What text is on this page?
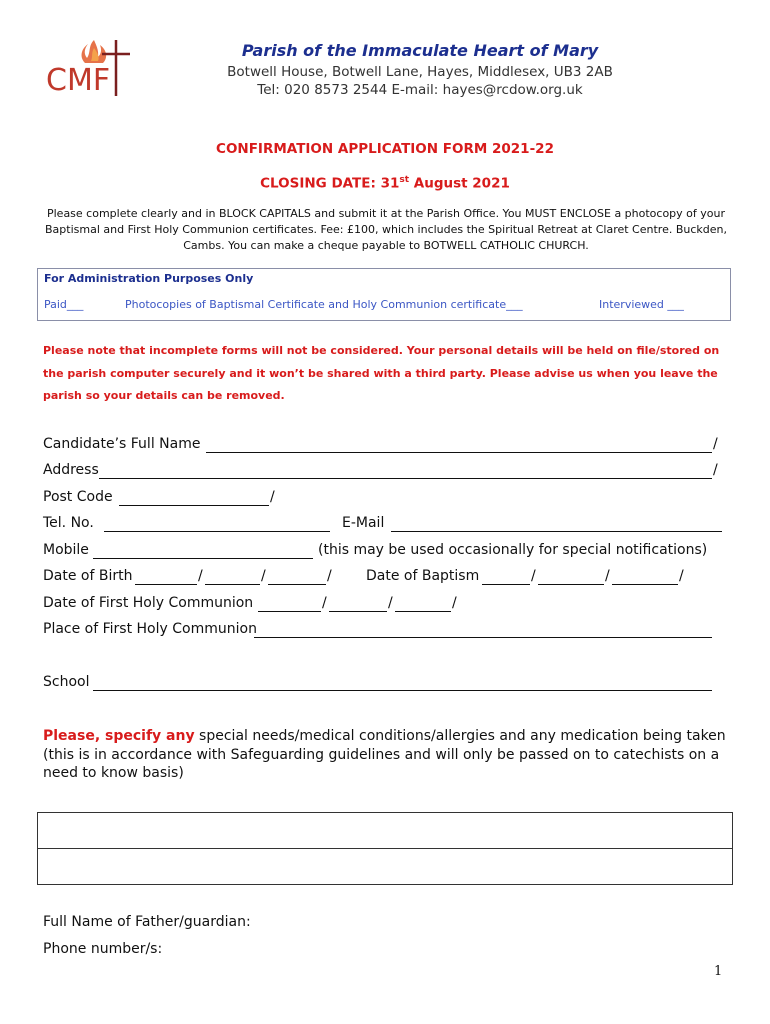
CMF
Parish of the Immaculate Heart of Mary
Botwell House, Botwell Lane, Hayes, Middlesex, UB3 2AB
Tel: 020 8573 2544 E-mail: hayes@rcdow.org.uk
CONFIRMATION APPLICATION FORM 2021-22
CLOSING DATE: 31st August 2021
Please complete clearly and in BLOCK CAPITALS and submit it at the Parish Office. You MUST ENCLOSE a photocopy of your Baptismal and First Holy Communion certificates. Fee: £100, which includes the Spiritual Retreat at Claret Centre. Buckden, Cambs. You can make a cheque payable to BOTWELL CATHOLIC CHURCH.
For Administration Purposes Only
Paid___	Photocopies of Baptismal Certificate and Holy Communion certificate___	Interviewed ___
Please note that incomplete forms will not be considered. Your personal details will be held on file/stored on the parish computer securely and it won’t be shared with a third party. Please advise us when you leave the parish so your details can be removed.
Candidate’s Full Name	/
Address	/
Post Code	/
Tel. No.	E-Mail
Mobile	(this may be used occasionally for special notifications)
Date of Birth	/	/	/ Date of Baptism	/	/	/
Date of First Holy Communion	/	/	/
Place of First Holy Communion
School
Please, specify any special needs/medical conditions/allergies and any medication being taken (this is in accordance with Safeguarding guidelines and will only be passed on to catechists on a need to know basis)
Full Name of Father/guardian:
Phone number/s:
1
